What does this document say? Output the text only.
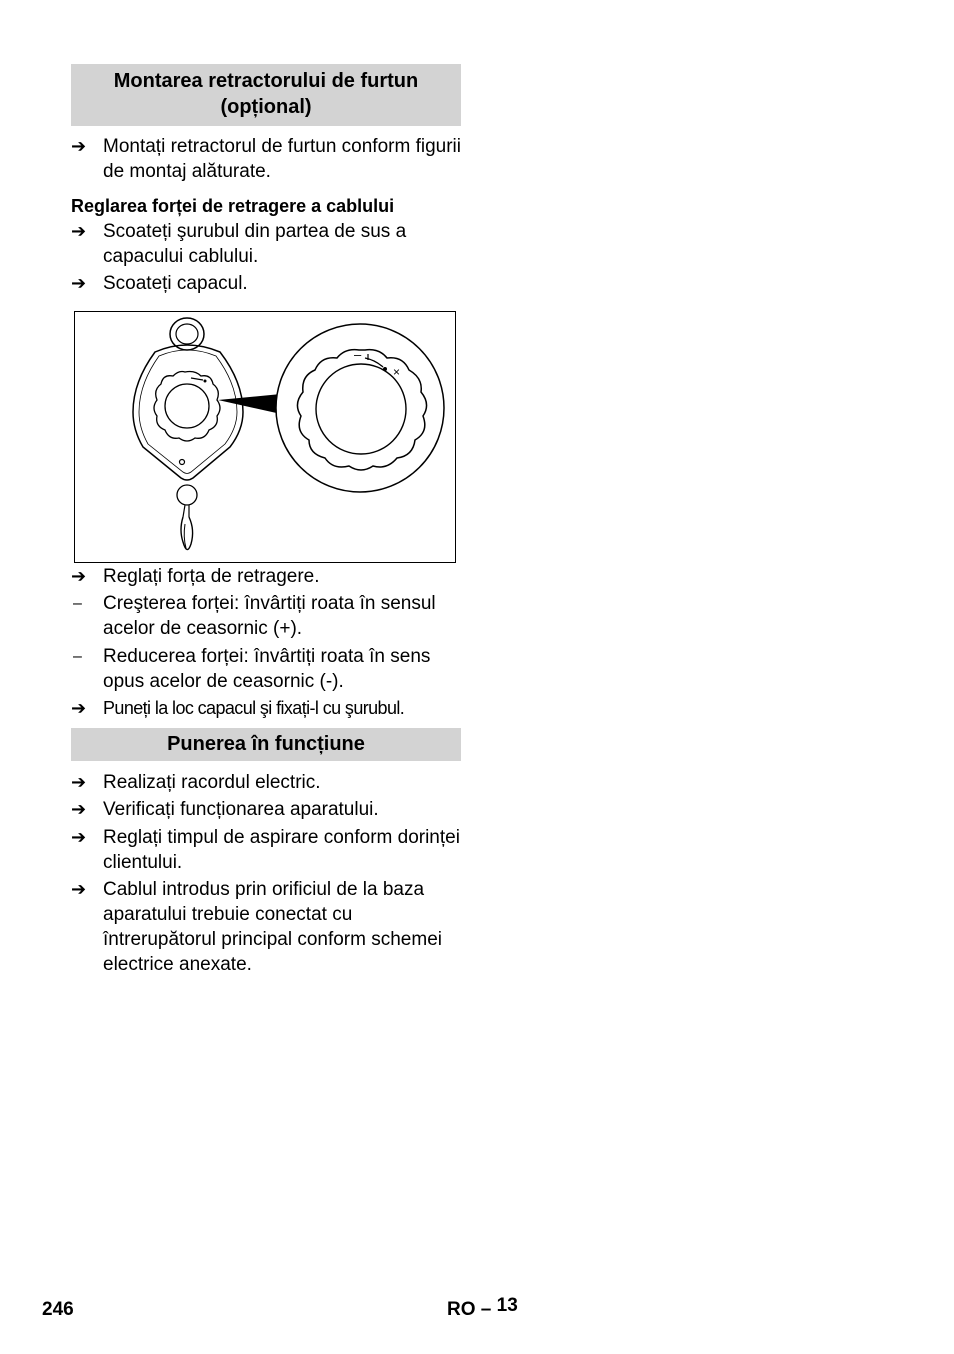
Montarea retractorului de furtun
(opțional)
➔ Montați retractorul de furtun conform figurii de montaj alăturate.
Reglarea forței de retragere a cablului
➔ Scoateți şurubul din partea de sus a capacului cablului.
➔ Scoateți capacul.
–
×
➔ Reglați forța de retragere.
–	Creşterea forței: învârtiți roata în sensul acelor de ceasornic (+).
–	Reducerea forței: învârtiți roata în sens opus acelor de ceasornic (-).
➔ Puneți la loc capacul şi fixați-l cu şurubul.
Punerea în funcțiune
➔ Realizați racordul electric.
➔ Verificați funcționarea aparatului.
➔ Reglați timpul de aspirare conform dorinței clientului.
➔ Cablul introdus prin orificiul de la baza aparatului trebuie conectat cu întrerupătorul principal conform schemei electrice anexate.
246	RO – 13
